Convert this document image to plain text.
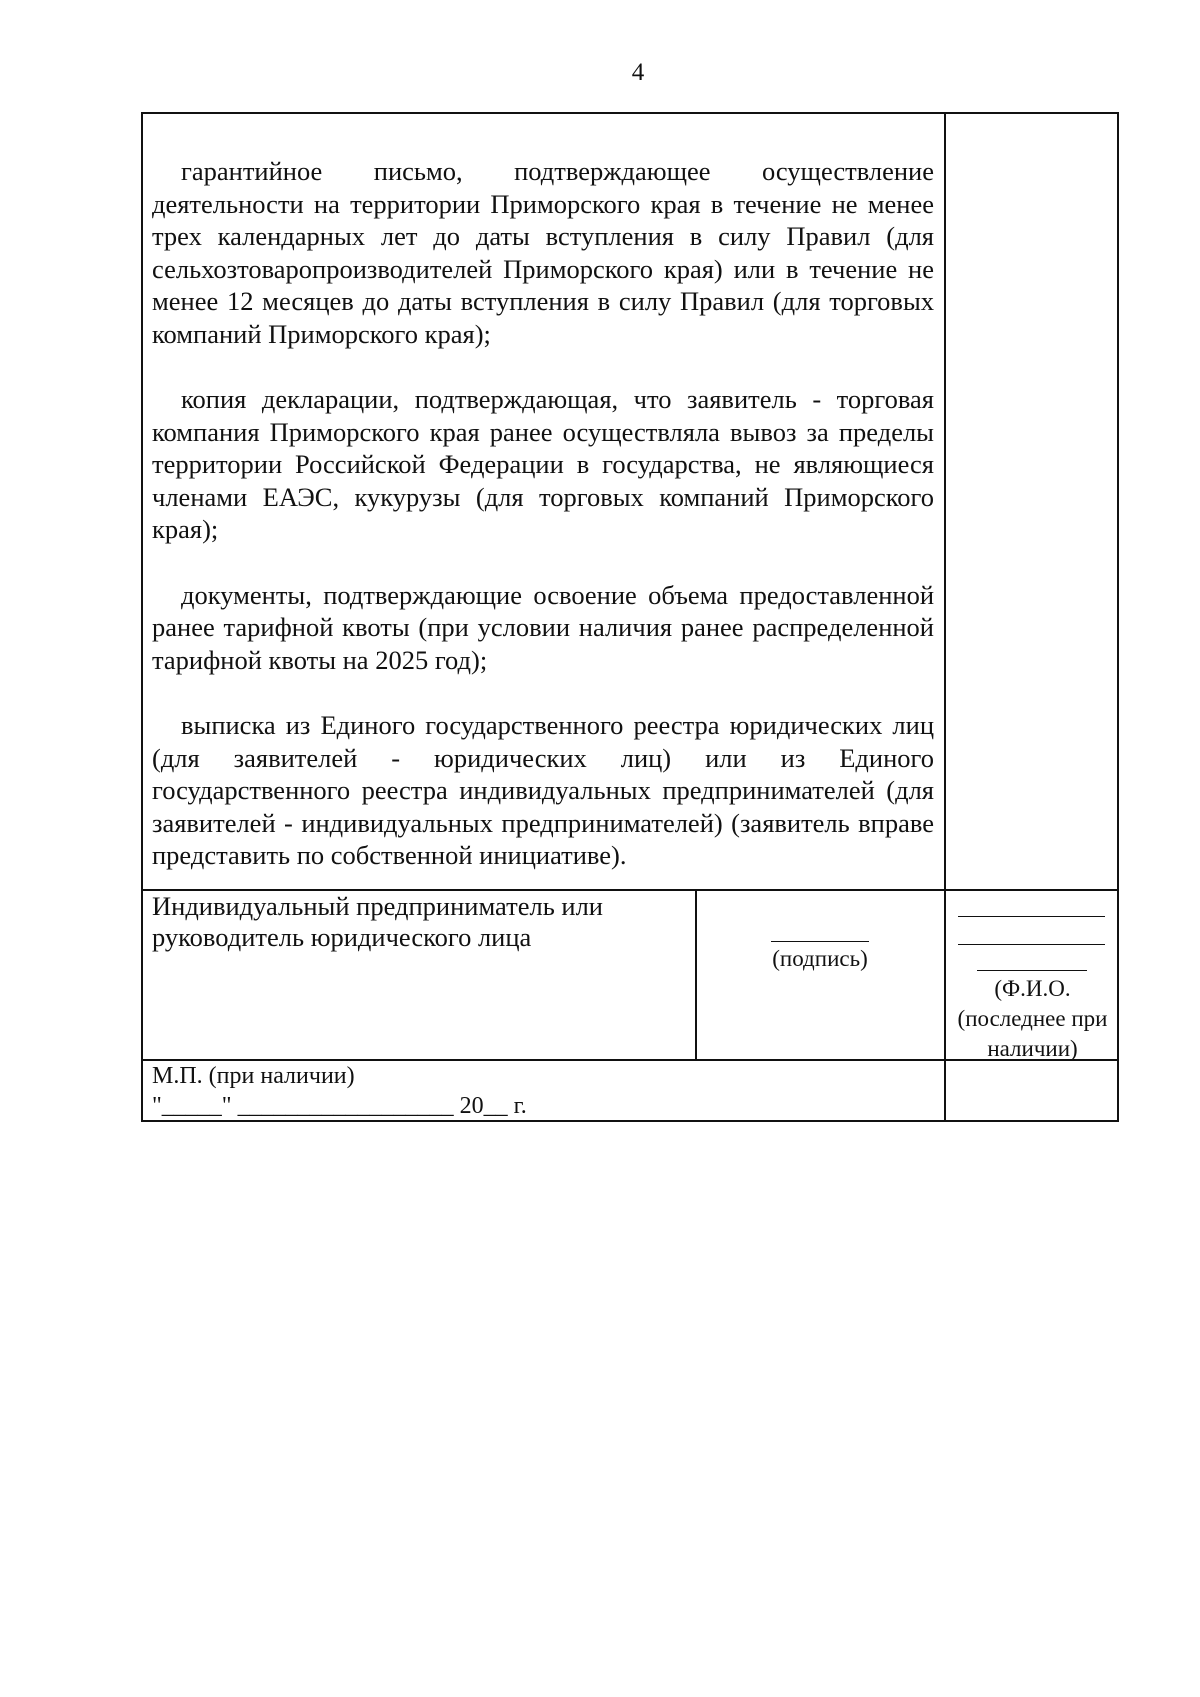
4

гарантийное письмо, подтверждающее осуществление деятельности на территории Приморского края в течение не менее трех календарных лет до даты вступления в силу Правил (для сельхозтоваропроизводителей Приморского края) или в течение не менее 12 месяцев до даты вступления в силу Правил (для торговых компаний Приморского края);

копия декларации, подтверждающая, что заявитель - торговая компания Приморского края ранее осуществляла вывоз за пределы территории Российской Федерации в государства, не являющиеся членами ЕАЭС, кукурузы (для торговых компаний Приморского края);

документы, подтверждающие освоение объема предоставленной ранее тарифной квоты (при условии наличия ранее распределенной тарифной квоты на 2025 год);

выписка из Единого государственного реестра юридических лиц (для заявителей - юридических лиц) или из Единого государственного реестра индивидуальных предпринимателей (для заявителей - индивидуальных предпринимателей) (заявитель вправе представить по собственной инициативе).

Индивидуальный предприниматель или руководитель юридического лица
(подпись)
(Ф.И.О. (последнее при наличии)
М.П. (при наличии)
"_____" __________________ 20__ г.
